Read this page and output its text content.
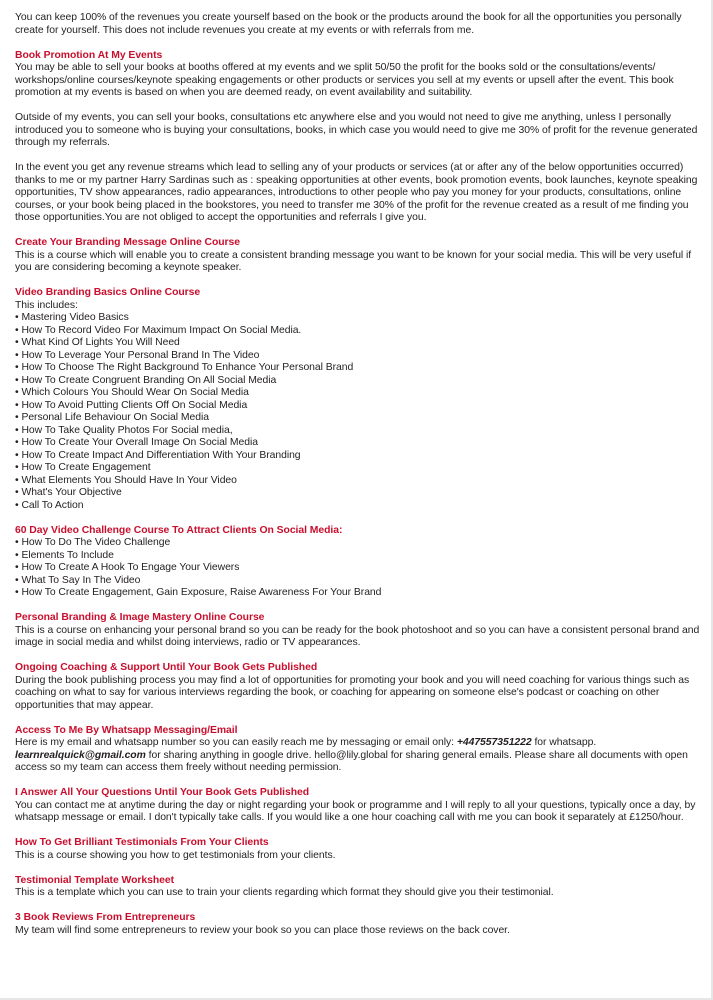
You can keep 100% of the revenues you create yourself based on the book or the products around the book for all the opportunities you personally create for yourself. This does not include revenues you create at my events or with referrals from me.

Book Promotion At My Events

You may be able to sell your books at booths offered at my events and we split 50/50 the profit for the books sold or the consultations/events/ workshops/online courses/keynote speaking engagements or other products or services you sell at my events or upsell after the event. This book promotion at my events is based on when you are deemed ready, on event availability and suitability.

Outside of my events, you can sell your books, consultations etc anywhere else and you would not need to give me anything, unless I personally introduced you to someone who is buying your consultations, books, in which case you would need to give me 30% of profit for the revenue generated through my referrals.

In the event you get any revenue streams which lead to selling any of your products or services (at or after any of the below opportunities occurred) thanks to me or my partner Harry Sardinas such as : speaking opportunities at other events, book promotion events, book launches, keynote speaking opportunities, TV show appearances, radio appearances, introductions to other people who pay you money for your products, consultations, online courses, or your book being placed in the bookstores, you need to transfer me 30% of the profit for the revenue created as a result of me finding you those opportunities.You are not obliged to accept the opportunities and referrals I give you.

Create Your Branding Message Online Course

This is a course which will enable you to create a consistent branding message you want to be known for your social media. This will be very useful if you are considering becoming a keynote speaker.

Video Branding Basics Online Course

This includes:

• Mastering Video Basics
• How To Record Video For Maximum Impact On Social Media.
• What Kind Of Lights You Will Need
• How To Leverage Your Personal Brand In The Video
• How To Choose The Right Background To Enhance Your Personal Brand
• How To Create Congruent Branding On All Social Media
• Which Colours You Should Wear On Social Media
• How To Avoid Putting Clients Off On Social Media
• Personal Life Behaviour On Social Media
• How To Take Quality Photos For Social media,
• How To Create Your Overall Image On Social Media
• How To Create Impact And Differentiation With Your Branding
• How To Create Engagement
• What Elements You Should Have In Your Video
• What's Your Objective
• Call To Action

60 Day Video Challenge Course To Attract Clients On Social Media:

• How To Do The Video Challenge
• Elements To Include
• How To Create A Hook To Engage Your Viewers
• What To Say In The Video
• How To Create Engagement, Gain Exposure, Raise Awareness For Your Brand

Personal Branding & Image Mastery Online Course

This is a course on enhancing your personal brand so you can be ready for the book photoshoot and so you can have a consistent personal brand and image in social media and whilst doing interviews, radio or TV appearances.

Ongoing Coaching & Support Until Your Book Gets Published

During the book publishing process you may find a lot of opportunities for promoting your book and you will need coaching for various things such as coaching on what to say for various interviews regarding the book, or coaching for appearing on someone else's podcast or coaching on other opportunities that may appear.

Access To Me By Whatsapp Messaging/Email

Here is my email and whatsapp number so you can easily reach me by messaging or email only: +447557351222 for whatsapp.
learnrealquick@gmail.com for sharing anything in google drive. hello@lily.global for sharing general emails. Please share all documents with open access so my team can access them freely without needing permission.

I Answer All Your Questions Until Your Book Gets Published

You can contact me at anytime during the day or night regarding your book or programme and I will reply to all your questions, typically once a day, by whatsapp message or email. I don't typically take calls. If you would like a one hour coaching call with me you can book it separately at £1250/hour.

How To Get Brilliant Testimonials From Your Clients

This is a course showing you how to get testimonials from your clients.

Testimonial Template Worksheet

This is a template which you can use to train your clients regarding which format they should give you their testimonial.

3 Book Reviews From Entrepreneurs

My team will find some entrepreneurs to review your book so you can place those reviews on the back cover.
